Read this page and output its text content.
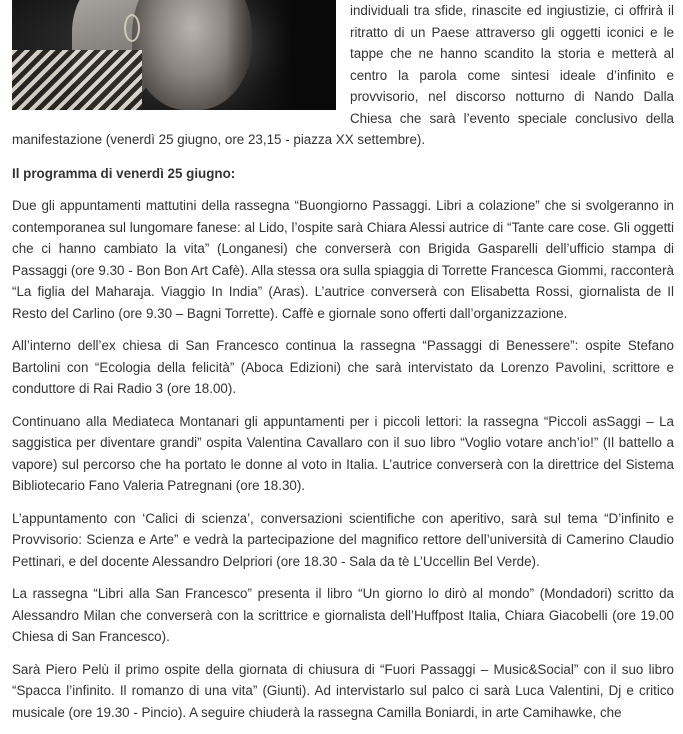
individuali tra sfide, rinascite ed ingiustizie, ci offrirà il ritratto di un Paese attraverso gli oggetti iconici e le tappe che ne hanno scandito la storia e metterà al centro la parola come sintesi ideale d’infinito e provvisorio, nel discorso notturno di Nando Dalla Chiesa che sarà l’evento speciale conclusivo della manifestazione (venerdì 25 giugno, ore 23,15 - piazza XX settembre).

Il programma di venerdì 25 giugno:

Due gli appuntamenti mattutini della rassegna “Buongiorno Passaggi. Libri a colazione” che si svolgeranno in contemporanea sul lungomare fanese: al Lido, l’ospite sarà Chiara Alessi autrice di “Tante care cose. Gli oggetti che ci hanno cambiato la vita” (Longanesi) che converserà con Brigida Gasparelli dell’ufficio stampa di Passaggi (ore 9.30 - Bon Bon Art Cafè). Alla stessa ora sulla spiaggia di Torrette Francesca Giommi, racconterà “La figlia del Maharaja. Viaggio In India” (Aras). L’autrice converserà con Elisabetta Rossi, giornalista de Il Resto del Carlino (ore 9.30 – Bagni Torrette). Caffè e giornale sono offerti dall’organizzazione.

All’interno dell’ex chiesa di San Francesco continua la rassegna “Passaggi di Benessere”: ospite Stefano Bartolini con “Ecologia della felicità” (Aboca Edizioni) che sarà intervistato da Lorenzo Pavolini, scrittore e conduttore di Rai Radio 3 (ore 18.00).

Continuano alla Mediateca Montanari gli appuntamenti per i piccoli lettori: la rassegna “Piccoli asSaggi – La saggistica per diventare grandi” ospita Valentina Cavallaro con il suo libro “Voglio votare anch’io!” (Il battello a vapore) sul percorso che ha portato le donne al voto in Italia. L’autrice converserà con la direttrice del Sistema Bibliotecario Fano Valeria Patregnani (ore 18.30).

L’appuntamento con ‘Calici di scienza’, conversazioni scientifiche con aperitivo, sarà sul tema “D’infinito e Provvisorio: Scienza e Arte” e vedrà la partecipazione del magnifico rettore dell’università di Camerino Claudio Pettinari, e del docente Alessandro Delpriori (ore 18.30 - Sala da tè L’Uccellin Bel Verde).

La rassegna “Libri alla San Francesco” presenta il libro “Un giorno lo dirò al mondo” (Mondadori) scritto da Alessandro Milan che converserà con la scrittrice e giornalista dell’Huffpost Italia, Chiara Giacobelli (ore 19.00 Chiesa di San Francesco).

Sarà Piero Pelù il primo ospite della giornata di chiusura di “Fuori Passaggi – Music&Social” con il suo libro “Spacca l’infinito. Il romanzo di una vita” (Giunti). Ad intervistarlo sul palco ci sarà Luca Valentini, Dj e critico musicale (ore 19.30 - Pincio). A seguire chiuderà la rassegna Camilla Boniardi, in arte Camihawke, che
